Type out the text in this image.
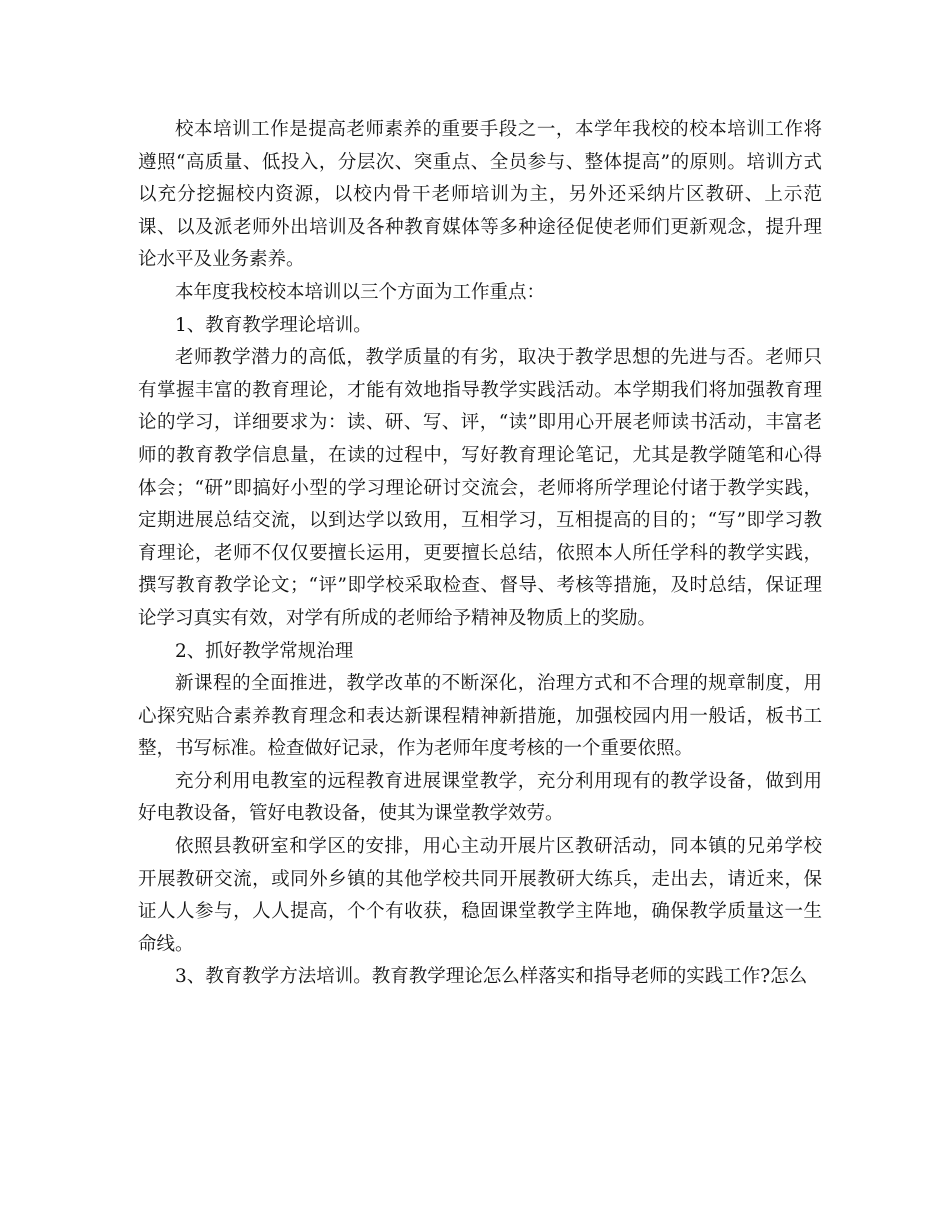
校本培训工作是提高老师素养的重要手段之一，本学年我校的校本培训工作将遵照“高质量、低投入，分层次、突重点、全员参与、整体提高”的原则。培训方式以充分挖掘校内资源，以校内骨干老师培训为主，另外还采纳片区教研、上示范课、以及派老师外出培训及各种教育媒体等多种途径促使老师们更新观念，提升理论水平及业务素养。

本年度我校校本培训以三个方面为工作重点：

1、教育教学理论培训。

老师教学潜力的高低，教学质量的有劣，取决于教学思想的先进与否。老师只有掌握丰富的教育理论，才能有效地指导教学实践活动。本学期我们将加强教育理论的学习，详细要求为：读、研、写、评，“读”即用心开展老师读书活动，丰富老师的教育教学信息量，在读的过程中，写好教育理论笔记，尤其是教学随笔和心得体会；“研”即搞好小型的学习理论研讨交流会，老师将所学理论付诸于教学实践，定期进展总结交流，以到达学以致用，互相学习，互相提高的目的；“写”即学习教育理论，老师不仅仅要擅长运用，更要擅长总结，依照本人所任学科的教学实践，撰写教育教学论文；“评”即学校采取检查、督导、考核等措施，及时总结，保证理论学习真实有效，对学有所成的老师给予精神及物质上的奖励。

2、抓好教学常规治理

新课程的全面推进，教学改革的不断深化，治理方式和不合理的规章制度，用心探究贴合素养教育理念和表达新课程精神新措施，加强校园内用一般话，板书工整，书写标准。检查做好记录，作为老师年度考核的一个重要依照。

充分利用电教室的远程教育进展课堂教学，充分利用现有的教学设备，做到用好电教设备，管好电教设备，使其为课堂教学效劳。

依照县教研室和学区的安排，用心主动开展片区教研活动，同本镇的兄弟学校开展教研交流，或同外乡镇的其他学校共同开展教研大练兵，走出去，请近来，保证人人参与，人人提高，个个有收获，稳固课堂教学主阵地，确保教学质量这一生命线。

3、教育教学方法培训。教育教学理论怎么样落实和指导老师的实践工作?怎么
